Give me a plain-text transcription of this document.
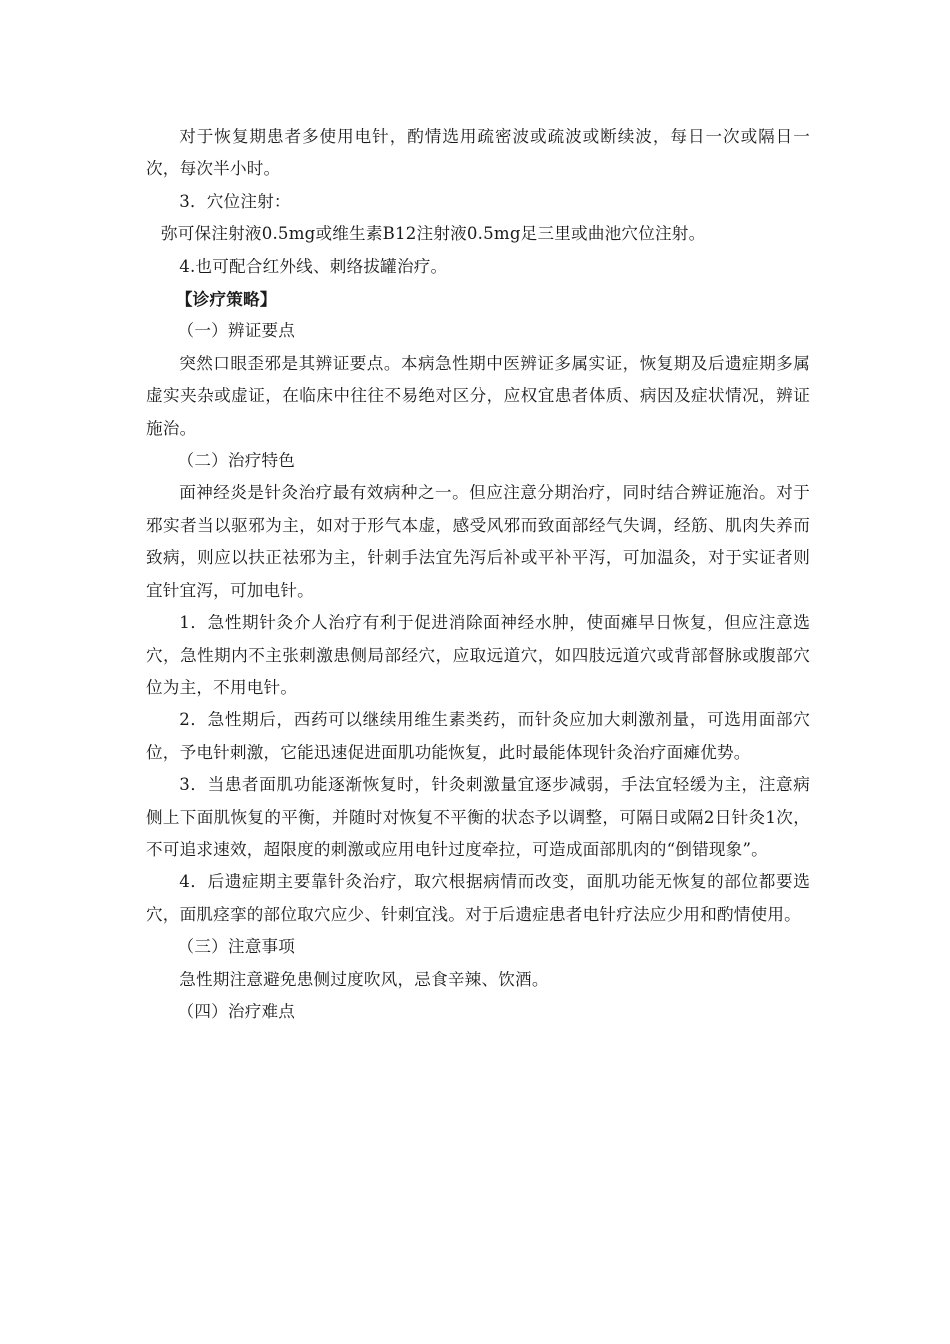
对于恢复期患者多使用电针，酌情选用疏密波或疏波或断续波，每日一次或隔日一次，每次半小时。

3．穴位注射：

弥可保注射液0.5mg或维生素B12注射液0.5mg足三里或曲池穴位注射。

4.也可配合红外线、刺络拔罐治疗。

【诊疗策略】

（一）辨证要点

突然口眼歪邪是其辨证要点。本病急性期中医辨证多属实证，恢复期及后遗症期多属虚实夹杂或虚证，在临床中往往不易绝对区分，应权宜患者体质、病因及症状情况，辨证施治。

（二）治疗特色

面神经炎是针灸治疗最有效病种之一。但应注意分期治疗，同时结合辨证施治。对于邪实者当以驱邪为主，如对于形气本虚，感受风邪而致面部经气失调，经筋、肌肉失养而致病，则应以扶正祛邪为主，针刺手法宜先泻后补或平补平泻，可加温灸，对于实证者则宜针宜泻，可加电针。

1．急性期针灸介人治疗有利于促进消除面神经水肿，使面瘫早日恢复，但应注意选穴，急性期内不主张刺激患侧局部经穴，应取远道穴，如四肢远道穴或背部督脉或腹部穴位为主，不用电针。

2．急性期后，西药可以继续用维生素类药，而针灸应加大刺激剂量，可选用面部穴位，予电针刺激，它能迅速促进面肌功能恢复，此时最能体现针灸治疗面瘫优势。

3．当患者面肌功能逐渐恢复时，针灸刺激量宜逐步减弱，手法宜轻缓为主，注意病侧上下面肌恢复的平衡，并随时对恢复不平衡的状态予以调整，可隔日或隔2日针灸1次，不可追求速效，超限度的刺激或应用电针过度牵拉，可造成面部肌肉的“倒错现象”。

4．后遗症期主要靠针灸治疗，取穴根据病情而改变，面肌功能无恢复的部位都要选穴，面肌痉挛的部位取穴应少、针刺宜浅。对于后遗症患者电针疗法应少用和酌情使用。

（三）注意事项

急性期注意避免患侧过度吹风，忌食辛辣、饮酒。

（四）治疗难点
